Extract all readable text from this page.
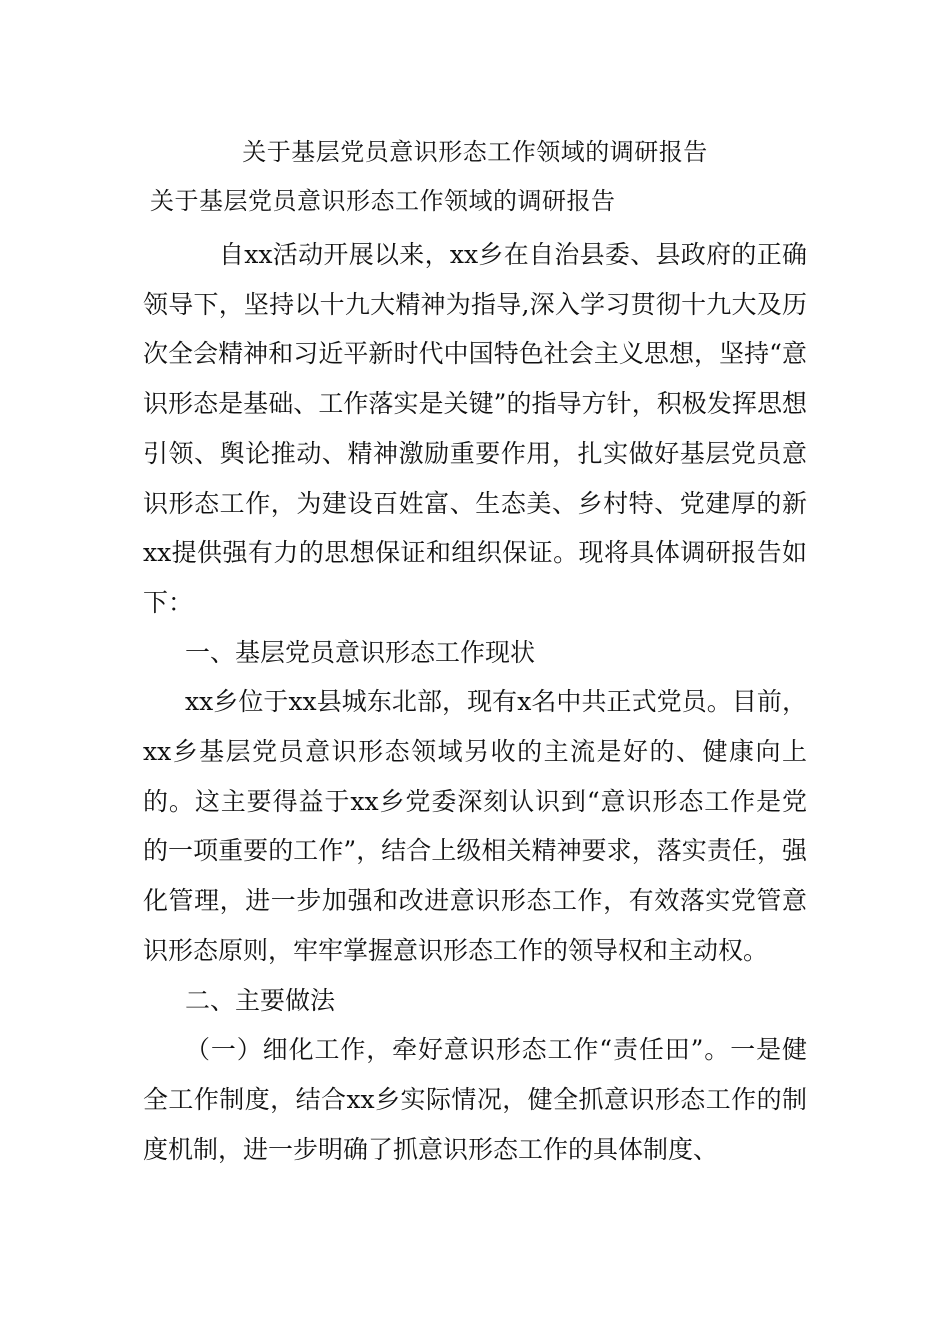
关于基层党员意识形态工作领域的调研报告
关于基层党员意识形态工作领域的调研报告

自xx活动开展以来，xx乡在自治县委、县政府的正确领导下，坚持以十九大精神为指导,深入学习贯彻十九大及历次全会精神和习近平新时代中国特色社会主义思想，坚持“意识形态是基础、工作落实是关键”的指导方针，积极发挥思想引领、舆论推动、精神激励重要作用，扎实做好基层党员意识形态工作，为建设百姓富、生态美、乡村特、党建厚的新xx提供强有力的思想保证和组织保证。现将具体调研报告如下：

一、基层党员意识形态工作现状

xx乡位于xx县城东北部，现有x名中共正式党员。目前，xx乡基层党员意识形态领域另收的主流是好的、健康向上的。这主要得益于xx乡党委深刻认识到“意识形态工作是党的一项重要的工作”，结合上级相关精神要求，落实责任，强化管理，进一步加强和改进意识形态工作，有效落实党管意识形态原则，牢牢掌握意识形态工作的领导权和主动权。

二、主要做法

（一）细化工作，牵好意识形态工作“责任田”。一是健全工作制度，结合xx乡实际情况，健全抓意识形态工作的制度机制，进一步明确了抓意识形态工作的具体制度、
